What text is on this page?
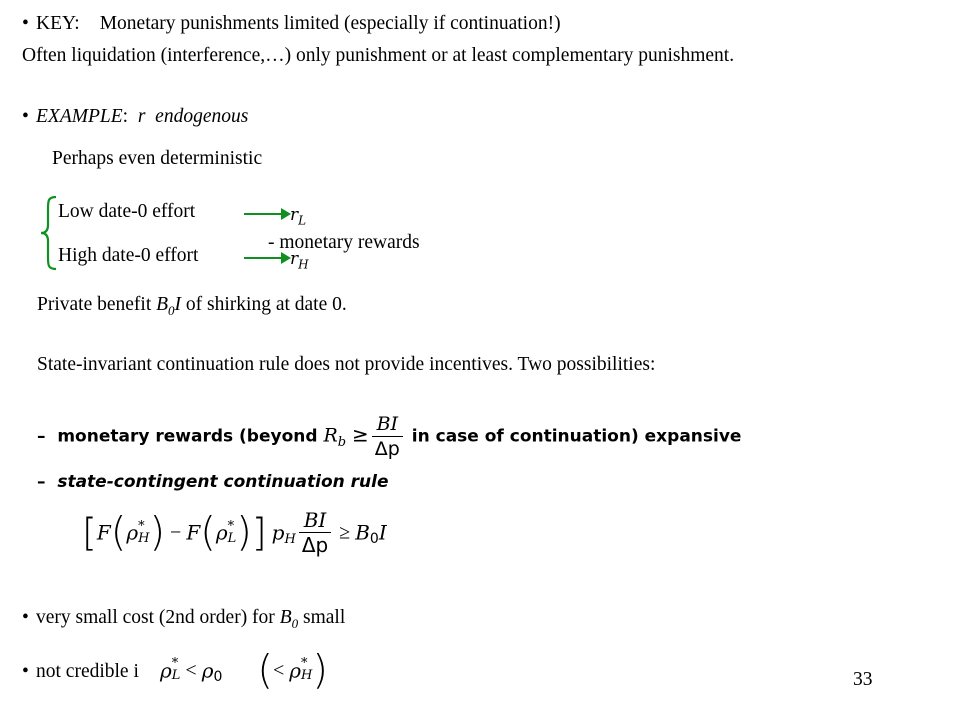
• KEY: Monetary punishments limited (especially if continuation!)
Often liquidation (interference,…) only punishment or at least complementary punishment.
• EXAMPLE: r endogenous
Perhaps even deterministic
Low date-0 effort	$r_L$
High date-0 effort	$r_H$
- monetary rewards
Private benefit $B_0I$ of shirking at date 0.
State-invariant continuation rule does not provide incentives. Two possibilities:
– monetary rewards (beyond $R_b \ge \frac{BI}{\Delta p}$ in case of continuation) expansive
– state-contingent continuation rule
[F(ρ *
H ) − F(ρ *
L )] $p_H \frac{BI}{\Delta p} \ge B_0I$
• very small cost (2nd order) for $B_0$ small
• not credible i ρ *
$L < \rho_0$ (< ρ *
H )	33
